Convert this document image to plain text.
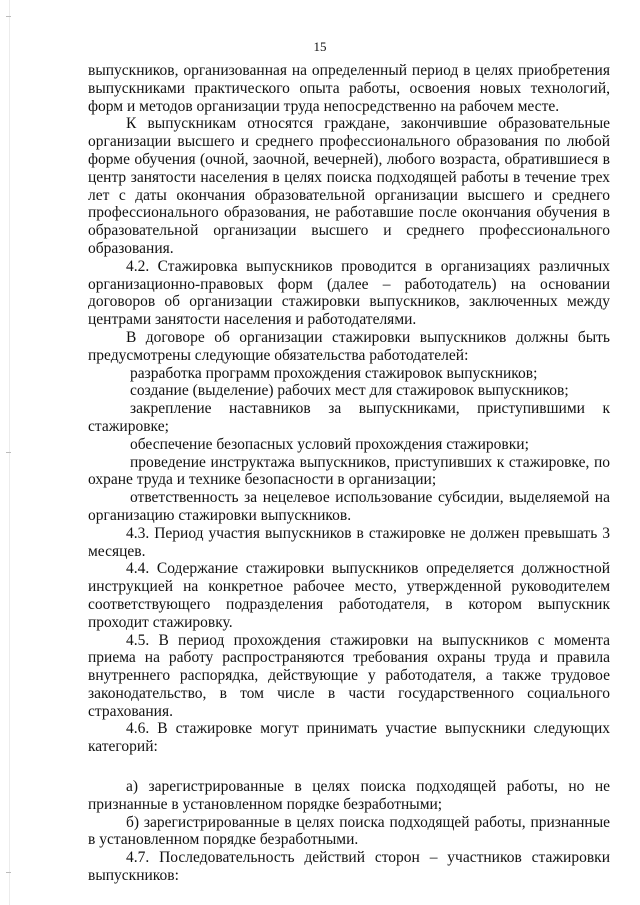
15
выпускников, организованная на определенный период в целях приобретения выпускниками практического опыта работы, освоения новых технологий, форм и методов организации труда непосредственно на рабочем месте.
К выпускникам относятся граждане, закончившие образовательные организации высшего и среднего профессионального образования по любой форме обучения (очной, заочной, вечерней), любого возраста, обратившиеся в центр занятости населения в целях поиска подходящей работы в течение трех лет с даты окончания образовательной организации высшего и среднего профессионального образования, не работавшие после окончания обучения в образовательной организации высшего и среднего профессионального образования.
4.2. Стажировка выпускников проводится в организациях различных организационно-правовых форм (далее – работодатель) на основании договоров об организации стажировки выпускников, заключенных между центрами занятости населения и работодателями.
В договоре об организации стажировки выпускников должны быть предусмотрены следующие обязательства работодателей:
разработка программ прохождения стажировок выпускников;
создание (выделение) рабочих мест для стажировок выпускников;
закрепление наставников за выпускниками, приступившими к стажировке;
обеспечение безопасных условий прохождения стажировки;
проведение инструктажа выпускников, приступивших к стажировке, по охране труда и технике безопасности в организации;
ответственность за нецелевое использование субсидии, выделяемой на организацию стажировки выпускников.
4.3. Период участия выпускников в стажировке не должен превышать 3 месяцев.
4.4. Содержание стажировки выпускников определяется должностной инструкцией на конкретное рабочее место, утвержденной руководителем соответствующего подразделения работодателя, в котором выпускник проходит стажировку.
4.5. В период прохождения стажировки на выпускников с момента приема на работу распространяются требования охраны труда и правила внутреннего распорядка, действующие у работодателя, а также трудовое законодательство, в том числе в части государственного социального страхования.
4.6. В стажировке могут принимать участие выпускники следующих категорий:
а) зарегистрированные в целях поиска подходящей работы, но не признанные в установленном порядке безработными;
б) зарегистрированные в целях поиска подходящей работы, признанные в установленном порядке безработными.
4.7. Последовательность действий сторон – участников стажировки выпускников:
